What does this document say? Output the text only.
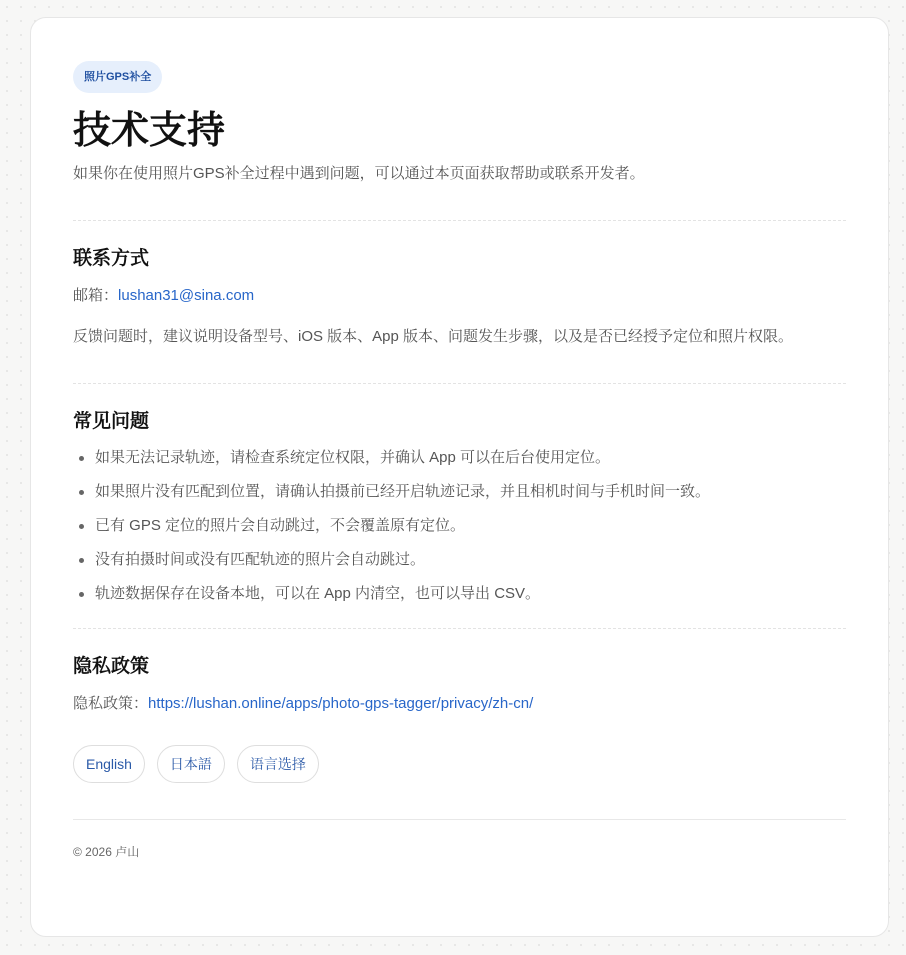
照片GPS补全
技术支持

如果你在使用照片GPS补全过程中遇到问题，可以通过本页面获取帮助或联系开发者。

联系方式

邮箱：lushan31@sina.com

反馈问题时，建议说明设备型号、iOS 版本、App 版本、问题发生步骤，以及是否已经授予定位和照片权限。

常见问题
如果无法记录轨迹，请检查系统定位权限，并确认 App 可以在后台使用定位。
如果照片没有匹配到位置，请确认拍摄前已经开启轨迹记录，并且相机时间与手机时间一致。
已有 GPS 定位的照片会自动跳过，不会覆盖原有定位。
没有拍摄时间或没有匹配轨迹的照片会自动跳过。
轨迹数据保存在设备本地，可以在 App 内清空，也可以导出 CSV。
隐私政策

隐私政策：https://lushan.online/apps/photo-gps-tagger/privacy/zh-cn/

English	日本語	语言选择

© 2026 卢山
